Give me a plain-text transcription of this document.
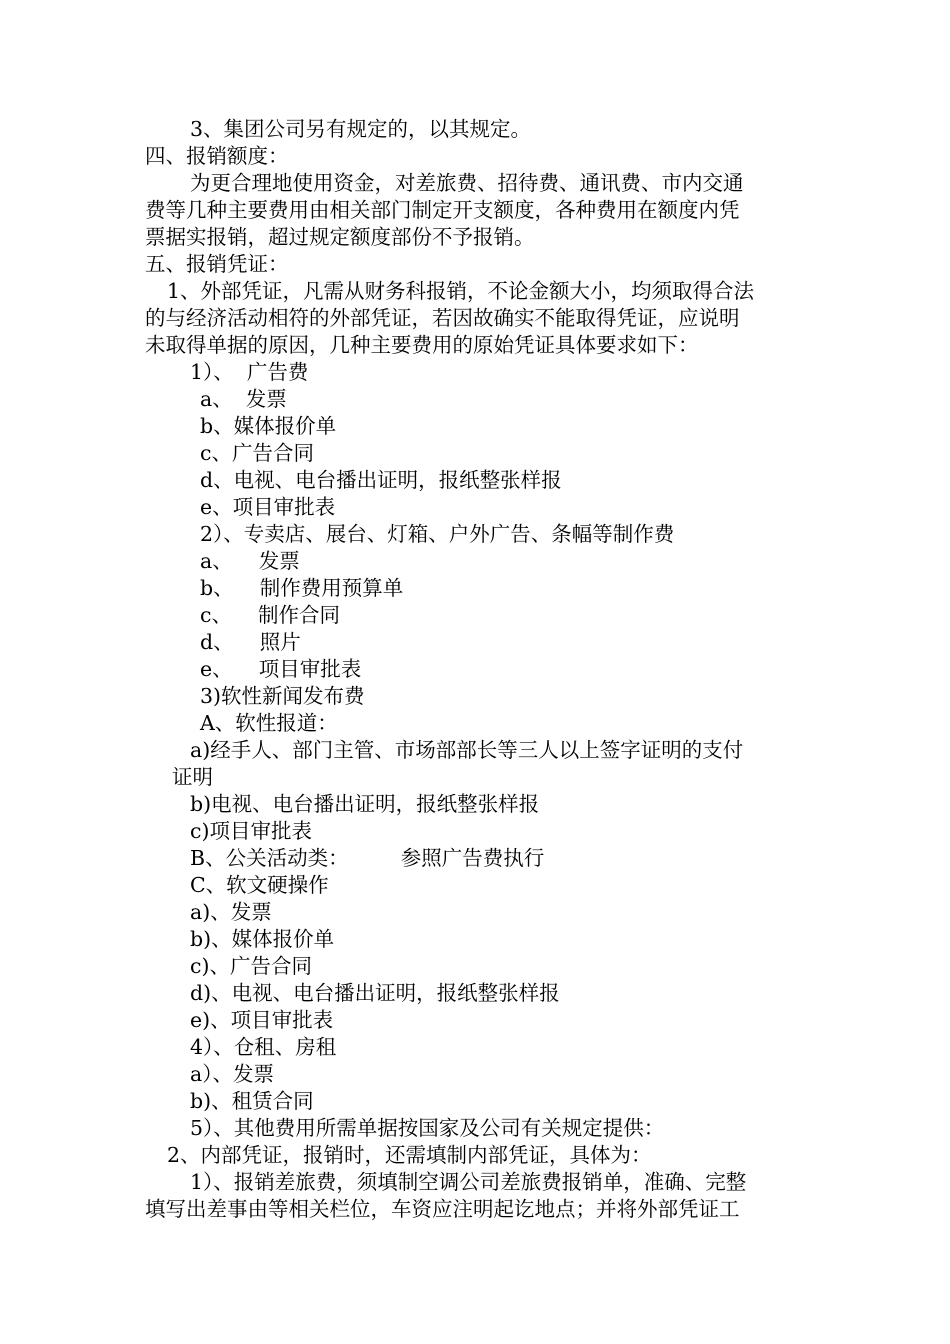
3、集团公司另有规定的，以其规定。
四、报销额度：
为更合理地使用资金，对差旅费、招待费、通讯费、市内交通
费等几种主要费用由相关部门制定开支额度，各种费用在额度内凭
票据实报销，超过规定额度部份不予报销。
五、报销凭证：
1、外部凭证，凡需从财务科报销，不论金额大小，均须取得合法
的与经济活动相符的外部凭证，若因故确实不能取得凭证，应说明
未取得单据的原因，几种主要费用的原始凭证具体要求如下：
1）、  广告费
a、  发票
b、媒体报价单
c、广告合同
d、电视、电台播出证明，报纸整张样报
e、项目审批表
2）、专卖店、展台、灯箱、户外广告、条幅等制作费
a、    发票
b、    制作费用预算单
c、    制作合同
d、    照片
e、    项目审批表
3)软性新闻发布费
A、软性报道：
a)经手人、部门主管、市场部部长等三人以上签字证明的支付
证明
b)电视、电台播出证明，报纸整张样报
c)项目审批表
B、公关活动类：        参照广告费执行
C、软文硬操作
a)、发票
b)、媒体报价单
c)、广告合同
d)、电视、电台播出证明，报纸整张样报
e)、项目审批表
4）、仓租、房租
a）、发票
b)、租赁合同
5）、其他费用所需单据按国家及公司有关规定提供：
2、内部凭证，报销时，还需填制内部凭证，具体为：
1）、报销差旅费，须填制空调公司差旅费报销单，准确、完整
填写出差事由等相关栏位，车资应注明起讫地点；并将外部凭证工
